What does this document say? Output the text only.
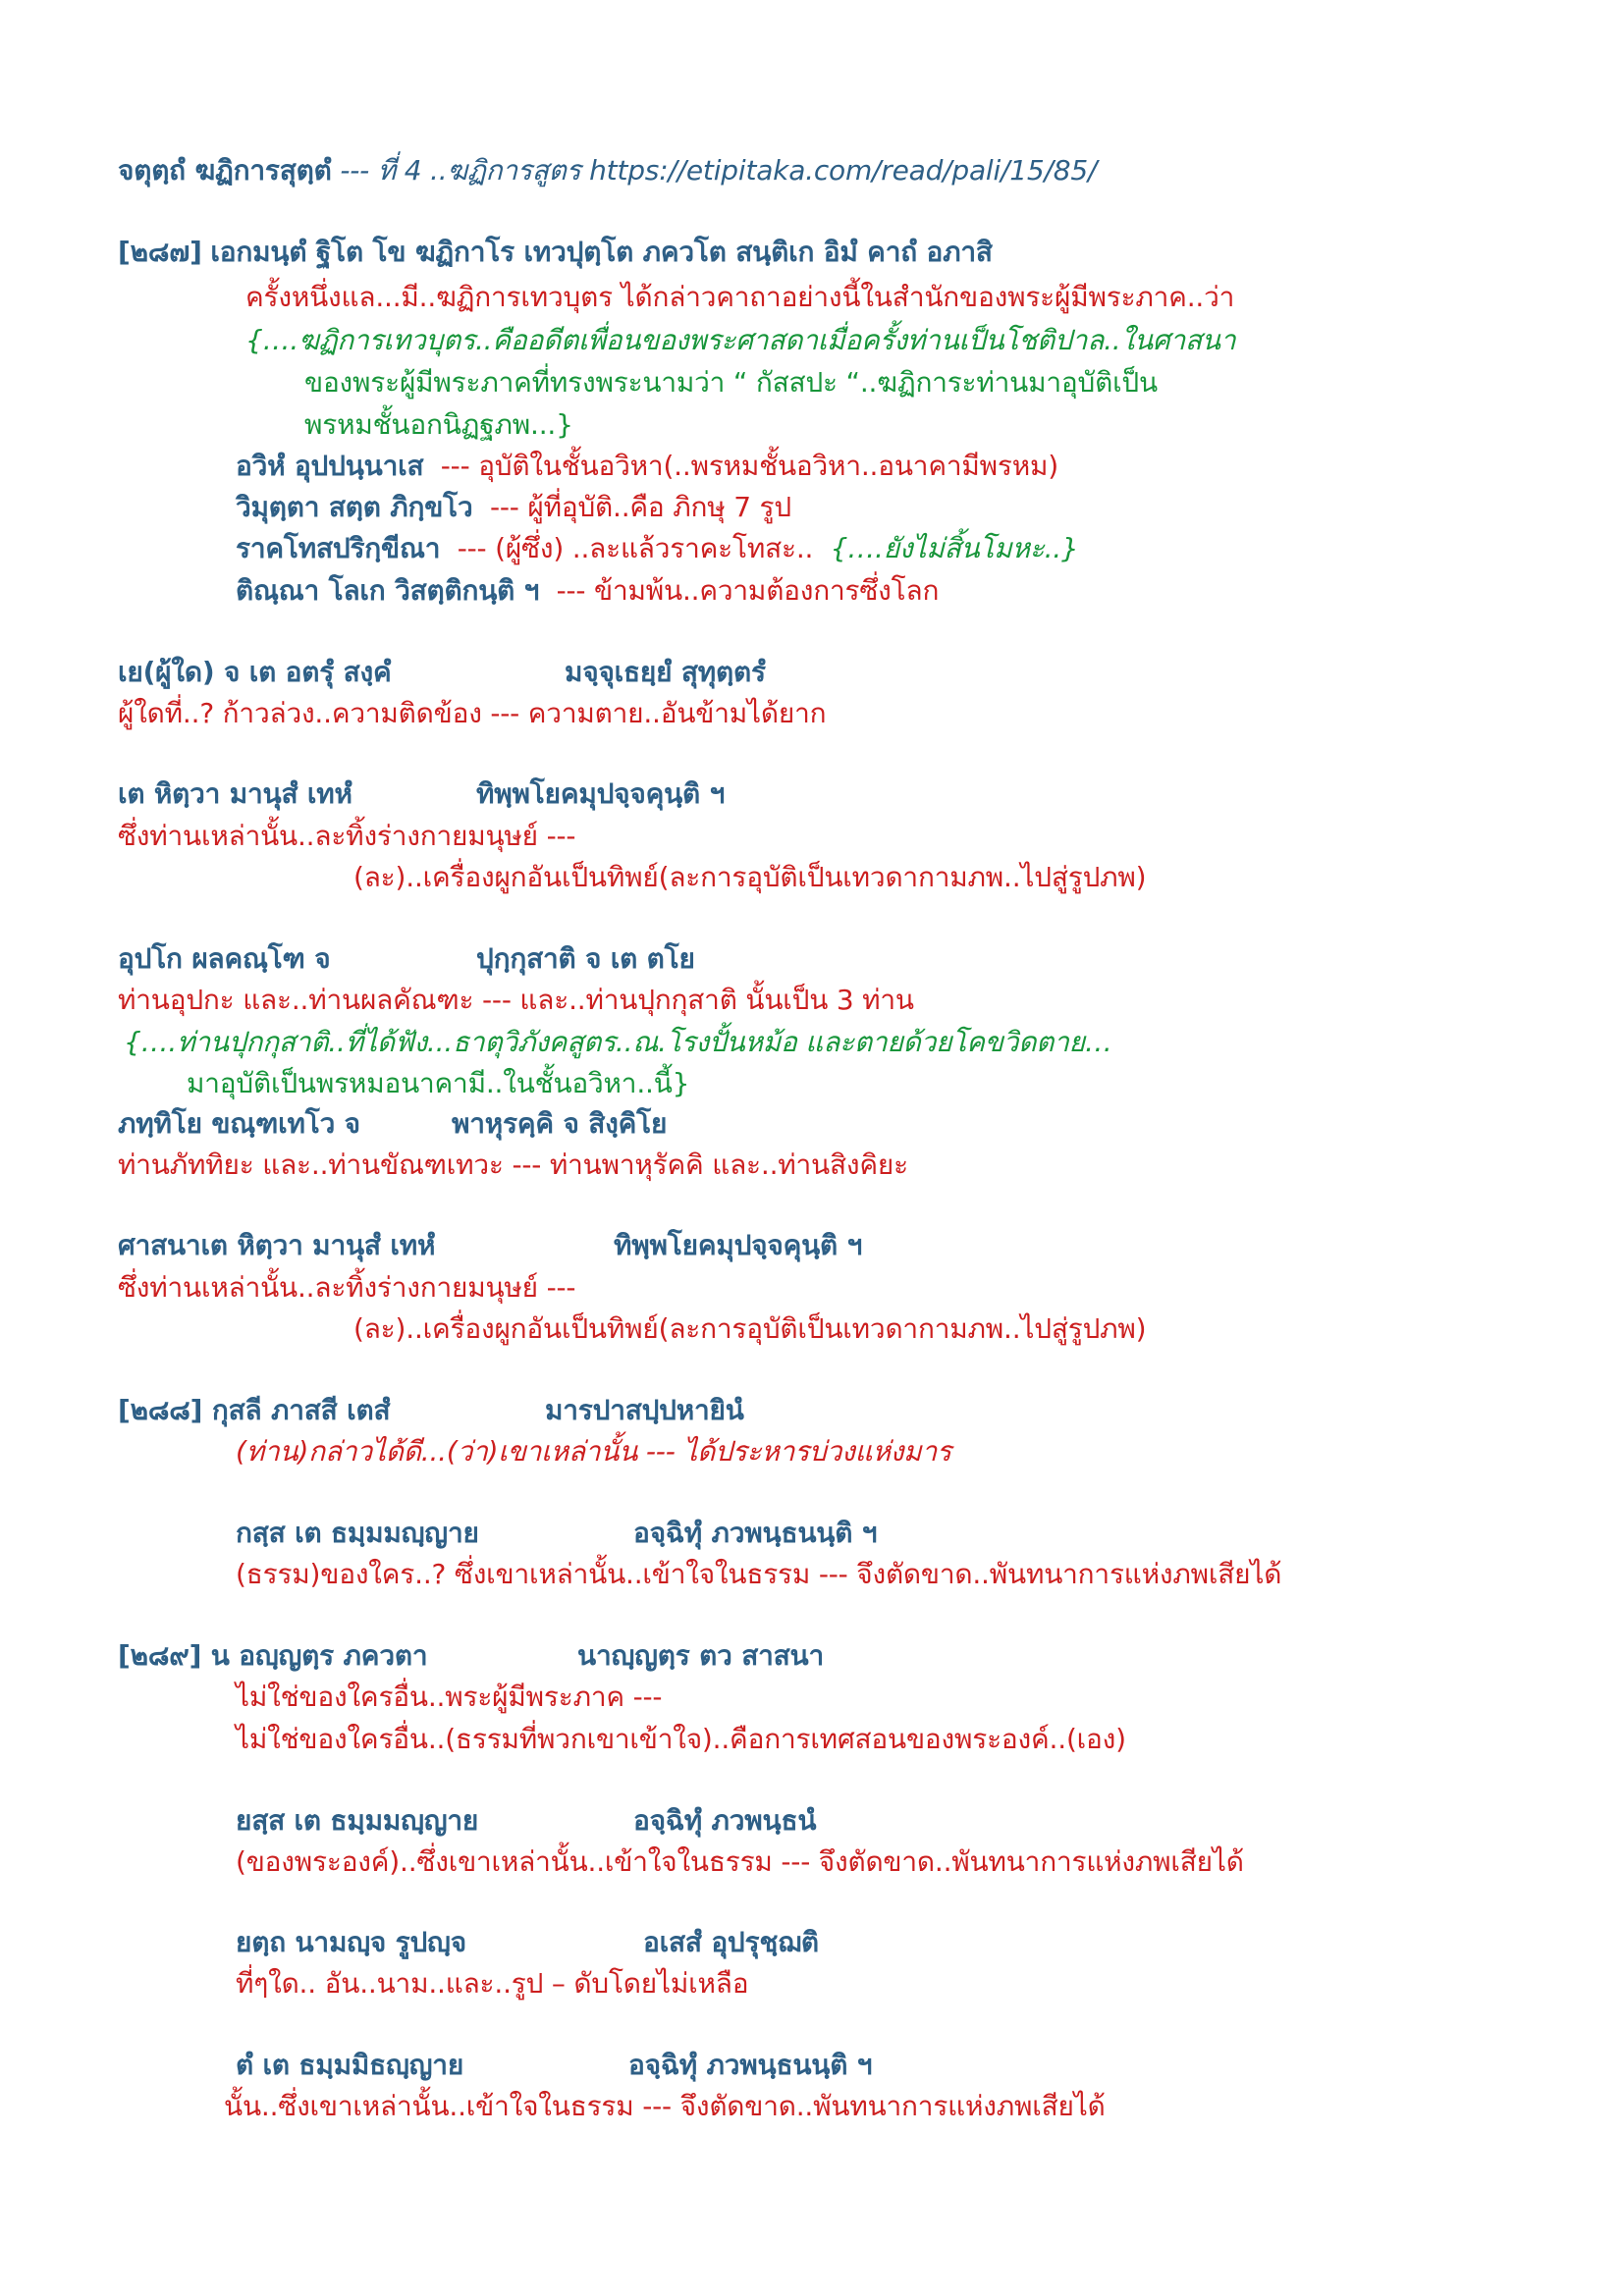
จตุตฺถํ ฆฏิการสุตฺตํ --- ที่ 4 ..ฆฏิการสูตร https://etipitaka.com/read/pali/15/85/
[๒๘๗] เอกมนฺตํ ฐิโต โข ฆฏิกาโร เทวปุตฺโต ภควโต สนฺติเก อิมํ คาถํ อภาสิ
ครั้งหนึ่งแล...มี..ฆฏิการเทวบุตร ได้กล่าวคาถาอย่างนี้ในสำนักของพระผู้มีพระภาค..ว่า
{….ฆฏิการเทวบุตร..คืออดีตเพื่อนของพระศาสดาเมื่อครั้งท่านเป็นโชติปาล..ในศาสนา
ของพระผู้มีพระภาคที่ทรงพระนามว่า “ กัสสปะ “..ฆฏิการะท่านมาอุบัติเป็น
พรหมชั้นอกนิฏฐภพ...}
อวิหํ อุปปนฺนาเส --- อุบัติในชั้นอวิหา(..พรหมชั้นอวิหา..อนาคามีพรหม)
วิมุตฺตา สตฺต ภิกฺขโว --- ผู้ที่อุบัติ..คือ ภิกษุ 7 รูป
ราคโทสปริกฺขีณา --- (ผู้ซึ่ง) ..ละแล้วราคะโทสะ.. {….ยังไม่สิ้นโมหะ..}
ติณฺณา โลเก วิสตฺติกนฺติ ฯ --- ข้ามพ้น..ความต้องการซึ่งโลก
เย(ผู้ใด) จ เต อตรุํ สงฺคํ	มจฺจุเธยฺยํ สุทุตฺตรํ
ผู้ใดที่..? ก้าวล่วง..ความติดข้อง --- ความตาย..อันข้ามได้ยาก
เต หิตฺวา มานุสํ เทหํ	ทิพฺพโยคมุปจฺจคุนฺติ ฯ
ซึ่งท่านเหล่านั้น..ละทิ้งร่างกายมนุษย์ ---
(ละ)..เครื่องผูกอันเป็นทิพย์(ละการอุบัติเป็นเทวดากามภพ..ไปสู่รูปภพ)
อุปโก ผลคณฺโฑ จ	ปุกฺกุสาติ จ เต ตโย
ท่านอุปกะ และ..ท่านผลคัณฑะ --- และ..ท่านปุกกุสาติ นั้นเป็น 3 ท่าน
{….ท่านปุกกุสาติ..ที่ได้ฟัง...ธาตุวิภังคสูตร..ณ.โรงปั้นหม้อ และตายด้วยโคขวิดตาย…
มาอุบัติเป็นพรหมอนาคามี..ในชั้นอวิหา..นี้}
ภทฺทิโย ขณฺฑเทโว จ	พาหุรคฺคิ จ สิงฺคิโย
ท่านภัททิยะ และ..ท่านขัณฑเทวะ --- ท่านพาหุรัคคิ และ..ท่านสิงคิยะ
ศาสนาเต หิตฺวา มานุสํ เทหํ	ทิพฺพโยคมุปจฺจคุนฺติ ฯ
ซึ่งท่านเหล่านั้น..ละทิ้งร่างกายมนุษย์ ---
(ละ)..เครื่องผูกอันเป็นทิพย์(ละการอุบัติเป็นเทวดากามภพ..ไปสู่รูปภพ)
[๒๘๘] กุสลี ภาสสี เตสํ	มารปาสปฺปหายินํ
(ท่าน)กล่าวได้ดี...(ว่า)เขาเหล่านั้น --- ได้ประหารบ่วงแห่งมาร
กสฺส เต ธมฺมมญฺญาย	อจฺฉิทุํ ภวพนฺธนนฺติ ฯ
(ธรรม)ของใคร..? ซึ่งเขาเหล่านั้น..เข้าใจในธรรม --- จึงตัดขาด..พันทนาการแห่งภพเสียได้
[๒๘๙] น อญฺญตฺร ภควตา	นาญฺญตฺร ตว สาสนา
ไม่ใช่ของใครอื่น..พระผู้มีพระภาค ---
ไม่ใช่ของใครอื่น..(ธรรมที่พวกเขาเข้าใจ)..คือการเทศสอนของพระองค์..(เอง)
ยสฺส เต ธมฺมมญฺญาย	อจฺฉิทุํ ภวพนฺธนํ
(ของพระองค์)..ซึ่งเขาเหล่านั้น..เข้าใจในธรรม --- จึงตัดขาด..พันทนาการแห่งภพเสียได้
ยตฺถ นามญฺจ รูปญฺจ	อเสสํ อุปรุชฺฌติ
ที่ๆใด.. อัน..นาม..และ..รูป – ดับโดยไม่เหลือ
ตํ เต ธมฺมมิธญฺญาย	อจฺฉิทุํ ภวพนฺธนนฺติ ฯ
นั้น..ซึ่งเขาเหล่านั้น..เข้าใจในธรรม --- จึงตัดขาด..พันทนาการแห่งภพเสียได้
